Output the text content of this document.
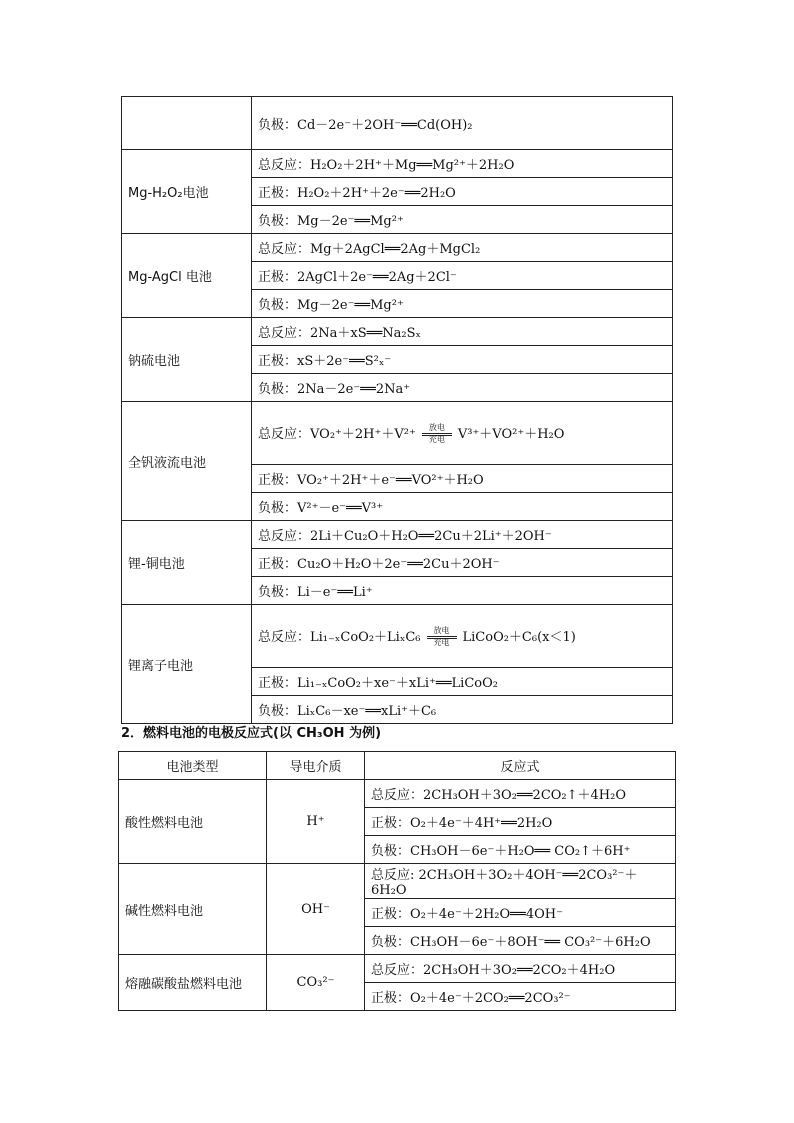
	负极：Cd－2e⁻＋2OH⁻══Cd(OH)₂
Mg-H₂O₂电池	总反应：H₂O₂＋2H⁺＋Mg══Mg²⁺＋2H₂O
	正极：H₂O₂＋2H⁺＋2e⁻══2H₂O
	负极：Mg－2e⁻══Mg²⁺
Mg-AgCl 电池	总反应：Mg＋2AgCl══2Ag＋MgCl₂
	正极：2AgCl＋2e⁻══2Ag＋2Cl⁻
	负极：Mg－2e⁻══Mg²⁺
钠硫电池	总反应：2Na＋xS══Na₂Sₓ
	正极：xS＋2e⁻══S²ₓ⁻
	负极：2Na－2e⁻══2Na⁺
全钒液流电池	总反应：VO₂⁺＋2H⁺＋V²⁺ 放电
充电 V³⁺＋VO²⁺＋H₂O
	正极：VO₂⁺＋2H⁺＋e⁻══VO²⁺＋H₂O
	负极：V²⁺－e⁻══V³⁺
锂-铜电池	总反应：2Li＋Cu₂O＋H₂O══2Cu＋2Li⁺＋2OH⁻
	正极：Cu₂O＋H₂O＋2e⁻══2Cu＋2OH⁻
	负极：Li－e⁻══Li⁺
锂离子电池	总反应：Li₁₋ₓCoO₂＋LiₓC₆ 放电
充电 LiCoO₂＋C₆(x＜1)
	正极：Li₁₋ₓCoO₂＋xe⁻＋xLi⁺══LiCoO₂
	负极：LiₓC₆－xe⁻══xLi⁺＋C₆
2．燃料电池的电极反应式(以 CH₃OH 为例)
电池类型	导电介质	反应式
酸性燃料电池	H⁺	总反应：2CH₃OH＋3O₂══2CO₂↑＋4H₂O
		正极：O₂＋4e⁻＋4H⁺══2H₂O
		负极：CH₃OH－6e⁻＋H₂O══ CO₂↑＋6H⁺
碱性燃料电池	OH⁻	总反应: 2CH₃OH＋3O₂＋4OH⁻══2CO₃²⁻＋6H₂O
		正极：O₂＋4e⁻＋2H₂O══4OH⁻
		负极：CH₃OH－6e⁻＋8OH⁻══ CO₃²⁻＋6H₂O
熔融碳酸盐燃料电池	CO₃²⁻	总反应：2CH₃OH＋3O₂══2CO₂＋4H₂O
		正极：O₂＋4e⁻＋2CO₂══2CO₃²⁻
